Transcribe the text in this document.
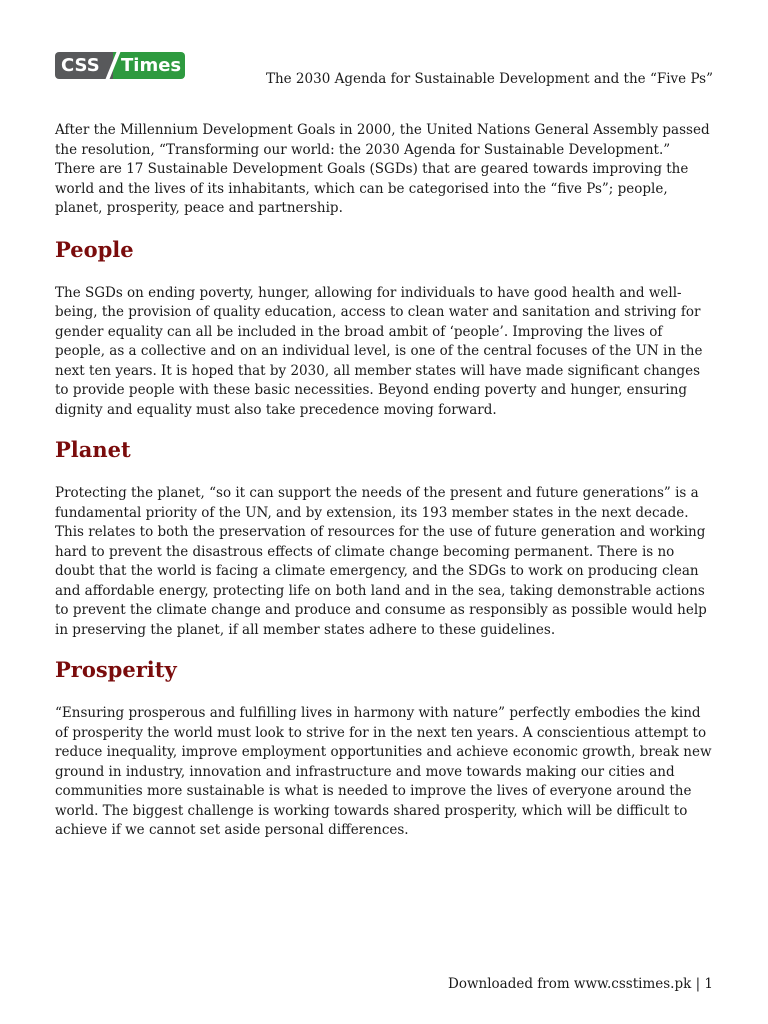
CSS	Times
The 2030 Agenda for Sustainable Development and the “Five Ps”

After the Millennium Development Goals in 2000, the United Nations General Assembly passed the resolution, “Transforming our world: the 2030 Agenda for Sustainable Development.” There are 17 Sustainable Development Goals (SGDs) that are geared towards improving the world and the lives of its inhabitants, which can be categorised into the “five Ps”; people, planet, prosperity, peace and partnership.

People

The SGDs on ending poverty, hunger, allowing for individuals to have good health and well-being, the provision of quality education, access to clean water and sanitation and striving for gender equality can all be included in the broad ambit of ‘people’. Improving the lives of people, as a collective and on an individual level, is one of the central focuses of the UN in the next ten years. It is hoped that by 2030, all member states will have made significant changes to provide people with these basic necessities. Beyond ending poverty and hunger, ensuring dignity and equality must also take precedence moving forward.

Planet

Protecting the planet, “so it can support the needs of the present and future generations” is a fundamental priority of the UN, and by extension, its 193 member states in the next decade. This relates to both the preservation of resources for the use of future generation and working hard to prevent the disastrous effects of climate change becoming permanent. There is no doubt that the world is facing a climate emergency, and the SDGs to work on producing clean and affordable energy, protecting life on both land and in the sea, taking demonstrable actions to prevent the climate change and produce and consume as responsibly as possible would help in preserving the planet, if all member states adhere to these guidelines.

Prosperity

“Ensuring prosperous and fulfilling lives in harmony with nature” perfectly embodies the kind of prosperity the world must look to strive for in the next ten years. A conscientious attempt to reduce inequality, improve employment opportunities and achieve economic growth, break new ground in industry, innovation and infrastructure and move towards making our cities and communities more sustainable is what is needed to improve the lives of everyone around the world. The biggest challenge is working towards shared prosperity, which will be difficult to achieve if we cannot set aside personal differences.

Downloaded from www.csstimes.pk | 1
